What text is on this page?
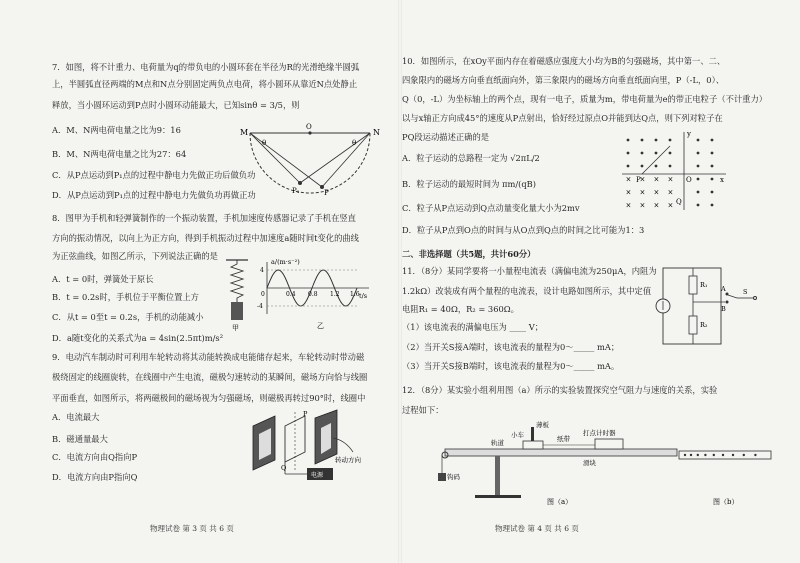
7．如图，将不计重力、电荷量为q的带负电的小圆环套在半径为R的光滑绝缘半圆弧
上，半圆弧直径两端的M点和N点分别固定两负点电荷，将小圆环从靠近N点处静止
释放，当小圆环运动到P点时小圆环动能最大，已知sinθ = 3/5，则
A．M、N两电荷电量之比为9：16
B．M、N两电荷电量之比为27：64
C．从P点运动到P₁点的过程中静电力先做正功后做负功
D．从P点运动到P₁点的过程中静电力先做负功再做正功
M	N
O
P₁	P
θ	θ
8．图甲为手机和轻弹簧制作的一个振动装置，手机加速度传感器记录了手机在竖直
方向的振动情况，以向上为正方向，得到手机振动过程中加速度a随时间t变化的曲线
为正弦曲线，如图乙所示，下列说法正确的是
A．t = 0时，弹簧处于原长
B．t = 0.2s时，手机位于平衡位置上方
C．从t = 0至t = 0.2s，手机的动能减小
D．a随t变化的关系式为a = 4sin(2.5πt)m/s²
甲
a/(m·s⁻²)
t/s
4
-4
0	0.4 0.8 1.2 1.6
乙
9．电动汽车制动时可利用车轮转动将其动能转换成电能储存起来，车轮转动时带动磁
极绕固定的线圈旋转，在线圈中产生电流，磁极匀速转动的某瞬间，磁场方向恰与线圈
平面垂直，如图所示，将两磁极间的磁场视为匀强磁场，则磁极再转过90°时，线圈中
A．电流最大
B．磁通量最大
C．电流方向由Q指向P
D．电流方向由P指向Q	电源
转动方向
P
Q
物理试卷 第 3 页 共 6 页
10．如图所示，在xOy平面内存在着磁感应强度大小均为B的匀强磁场，其中第一、二、
四象限内的磁场方向垂直纸面向外，第三象限内的磁场方向垂直纸面向里，P（-L，0）、
Q（0，-L）为坐标轴上的两个点，现有一电子，质量为m，带电荷量为e的带正电粒子（不计重力）
以与x轴正方向成45°的速度从P点射出，恰好经过原点O并能到达Q点，则下列对粒子在
PQ段运动描述正确的是
A．粒子运动的总路程一定为 √2πL/2
B．粒子运动的最短时间为 πm/(qB)
C．粒子从P点运动到Q点动量变化量大小为2mv
D．粒子从P点到O点的时间与从O点到Q点的时间之比可能为1：3
× × × ×
× × × ×
× × × ×
x
y
O
P
Q
二、非选择题（共5题，共计60分）
11．（8分）某同学要将一小量程电流表（满偏电流为250μA，内阻为
1.2kΩ）改装成有两个量程的电流表，设计电路如图所示，其中定值
电阻R₁ = 40Ω，R₂ = 360Ω。
（1）该电流表的满偏电压为 ____ V；
（2）当开关S接A端时，该电流表的量程为0～_____ mA；
（3）当开关S接B端时，该电流表的量程为0～_____ mA。
R₁
R₂
A
B
S
12．（8分）某实验小组利用图（a）所示的实验装置探究空气阻力与速度的关系，实验
过程如下：
薄板
小车	纸带
打点计时器
轨道
钩码
滑块
图（a）	图（b）
物理试卷 第 4 页 共 6 页
